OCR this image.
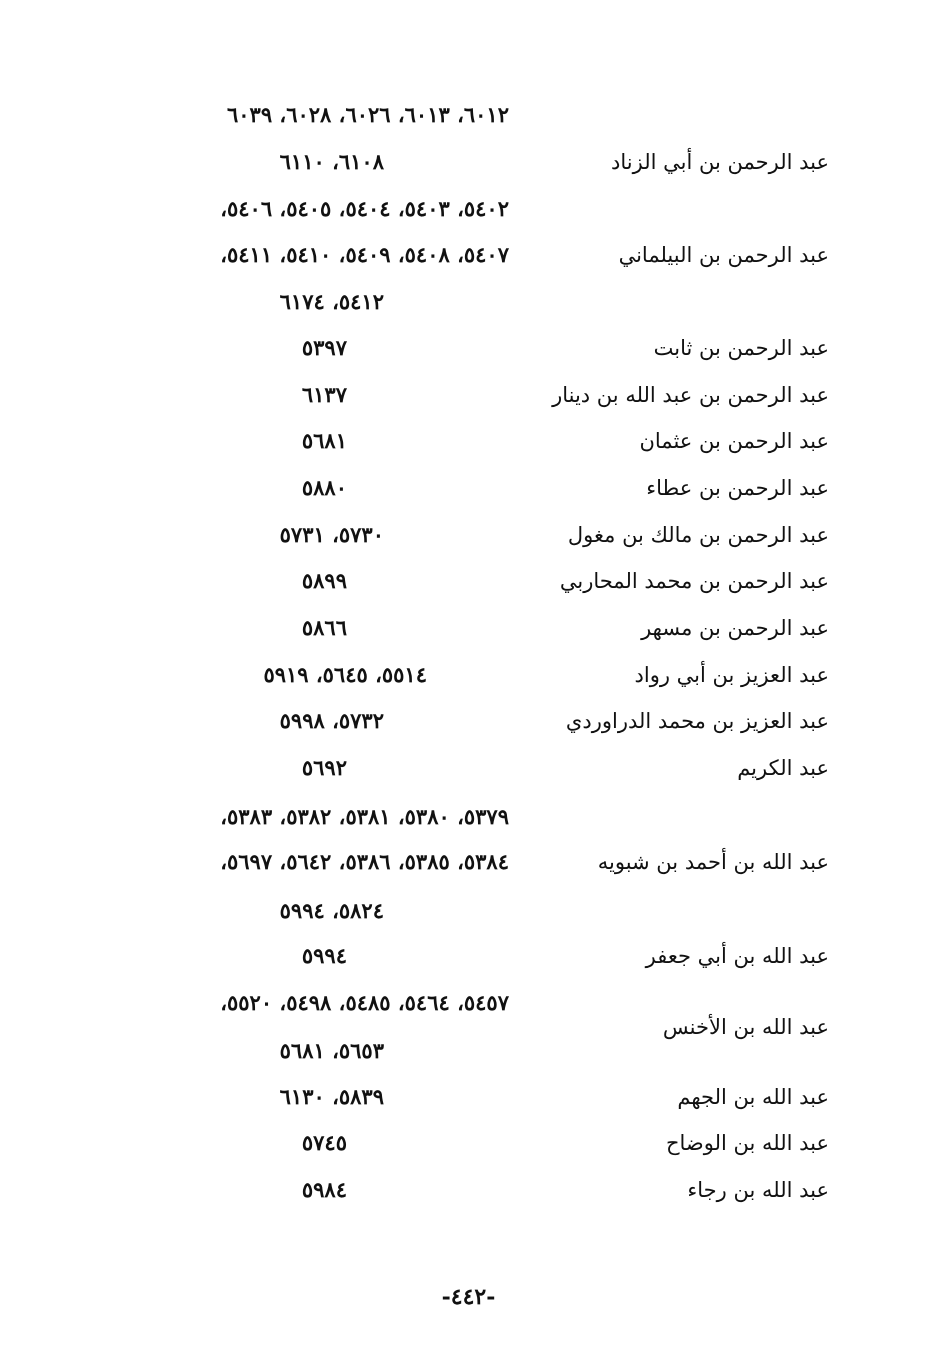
٦٠١٢، ٦٠١٣، ٦٠٢٦، ٦٠٢٨، ٦٠٣٩
عبد الرحمن بن أبي الزناد
٦١٠٨، ٦١١٠
٥٤٠٢، ٥٤٠٣، ٥٤٠٤، ٥٤٠٥، ٥٤٠٦،
عبد الرحمن بن البيلماني
٥٤٠٧، ٥٤٠٨، ٥٤٠٩، ٥٤١٠، ٥٤١١،
٥٤١٢، ٦١٧٤
عبد الرحمن بن ثابت
٥٣٩٧
عبد الرحمن بن عبد الله بن دينار
٦١٣٧
عبد الرحمن بن عثمان
٥٦٨١
عبد الرحمن بن عطاء
٥٨٨٠
عبد الرحمن بن مالك بن مغول
٥٧٣٠، ٥٧٣١
عبد الرحمن بن محمد المحاربي
٥٨٩٩
عبد الرحمن بن مسهر
٥٨٦٦
عبد العزيز بن أبي رواد
٥٥١٤، ٥٦٤٥، ٥٩١٩
عبد العزيز بن محمد الدراوردي
٥٧٣٢، ٥٩٩٨
عبد الكريم
٥٦٩٢
٥٣٧٩، ٥٣٨٠، ٥٣٨١، ٥٣٨٢، ٥٣٨٣،
عبد الله بن أحمد بن شبويه
٥٣٨٤، ٥٣٨٥، ٥٣٨٦، ٥٦٤٢، ٥٦٩٧،
٥٨٢٤، ٥٩٩٤
عبد الله بن أبي جعفر
٥٩٩٤
٥٤٥٧، ٥٤٦٤، ٥٤٨٥، ٥٤٩٨، ٥٥٢٠،
عبد الله بن الأخنس
٥٦٥٣، ٥٦٨١
عبد الله بن الجهم
٥٨٣٩، ٦١٣٠
عبد الله بن الوضاح
٥٧٤٥
عبد الله بن رجاء
٥٩٨٤
-٤٤٢-
